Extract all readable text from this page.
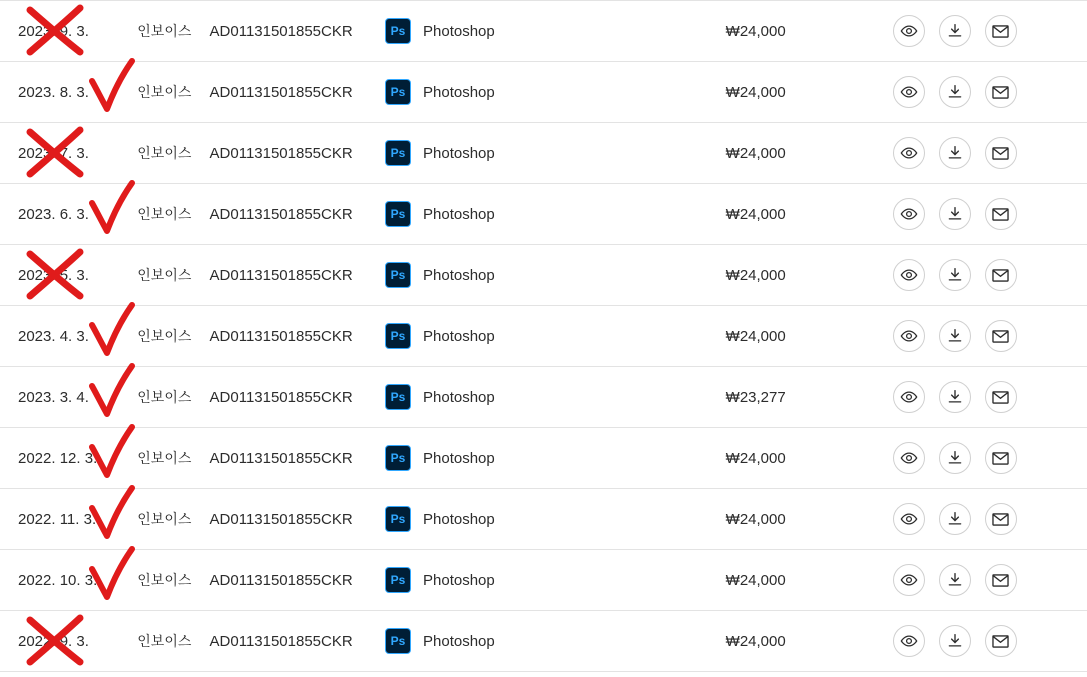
2023. 9. 3.	인보이스	AD01131501855CKR	Ps Photoshop	₩24,000	

2023. 8. 3.	인보이스	AD01131501855CKR	Ps Photoshop	₩24,000	

2023. 7. 3.	인보이스	AD01131501855CKR	Ps Photoshop	₩24,000	

2023. 6. 3.	인보이스	AD01131501855CKR	Ps Photoshop	₩24,000	

2023. 5. 3.	인보이스	AD01131501855CKR	Ps Photoshop	₩24,000	

2023. 4. 3.	인보이스	AD01131501855CKR	Ps Photoshop	₩24,000	

2023. 3. 4.	인보이스	AD01131501855CKR	Ps Photoshop	₩23,277	

2022. 12. 3.	인보이스	AD01131501855CKR	Ps Photoshop	₩24,000	

2022. 11. 3.	인보이스	AD01131501855CKR	Ps Photoshop	₩24,000	

2022. 10. 3.	인보이스	AD01131501855CKR	Ps Photoshop	₩24,000	

2022. 9. 3.	인보이스	AD01131501855CKR	Ps Photoshop	₩24,000	
